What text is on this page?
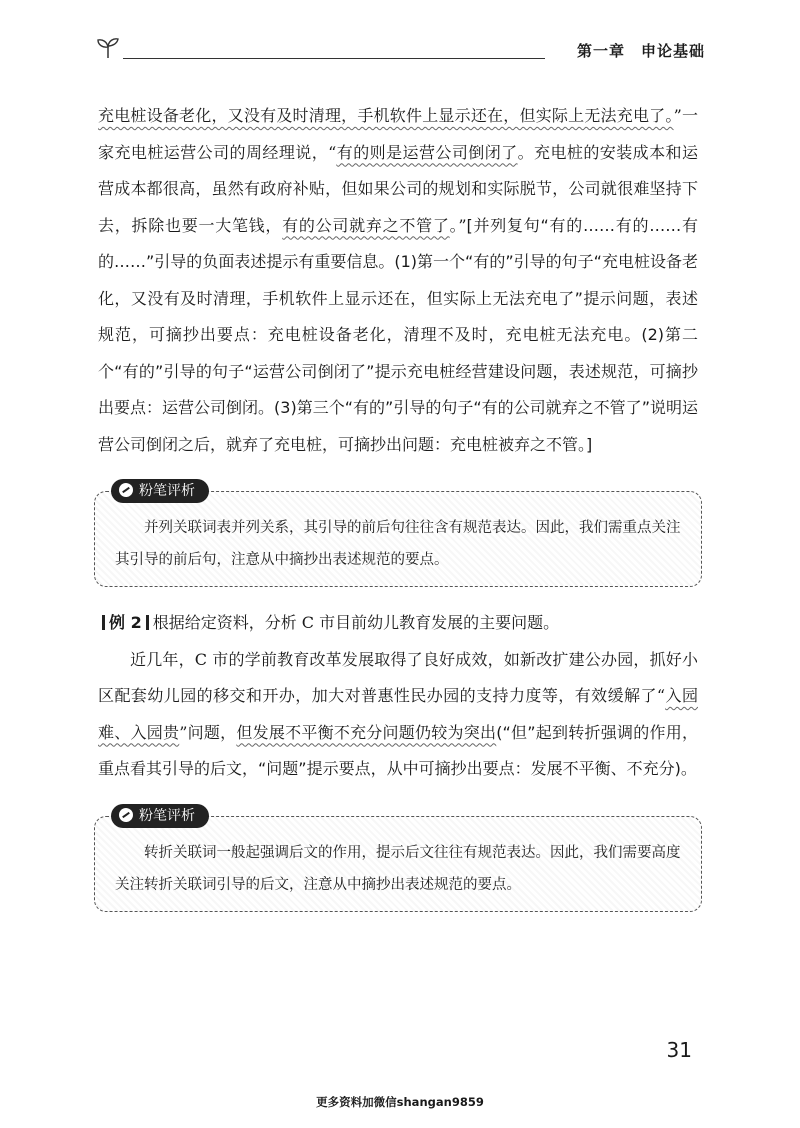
第一章 申论基础

充电桩设备老化，又没有及时清理，手机软件上显示还在，但实际上无法充电了。”一家充电桩运营公司的周经理说，“有的则是运营公司倒闭了。充电桩的安装成本和运营成本都很高，虽然有政府补贴，但如果公司的规划和实际脱节，公司就很难坚持下去，拆除也要一大笔钱，有的公司就弃之不管了。”[并列复句“有的……有的……有的……”引导的负面表述提示有重要信息。(1)第一个“有的”引导的句子“充电桩设备老化，又没有及时清理，手机软件上显示还在，但实际上无法充电了”提示问题，表述规范，可摘抄出要点：充电桩设备老化，清理不及时，充电桩无法充电。(2)第二个“有的”引导的句子“运营公司倒闭了”提示充电桩经营建设问题，表述规范，可摘抄出要点：运营公司倒闭。(3)第三个“有的”引导的句子“有的公司就弃之不管了”说明运营公司倒闭之后，就弃了充电桩，可摘抄出问题：充电桩被弃之不管。]

粉笔评析

并列关联词表并列关系，其引导的前后句往往含有规范表达。因此，我们需重点关注其引导的前后句，注意从中摘抄出表述规范的要点。

例 2 根据给定资料，分析 C 市目前幼儿教育发展的主要问题。

近几年，C 市的学前教育改革发展取得了良好成效，如新改扩建公办园，抓好小区配套幼儿园的移交和开办，加大对普惠性民办园的支持力度等，有效缓解了“入园难、入园贵”问题，但发展不平衡不充分问题仍较为突出(“但”起到转折强调的作用，重点看其引导的后文，“问题”提示要点，从中可摘抄出要点：发展不平衡、不充分)。

粉笔评析

转折关联词一般起强调后文的作用，提示后文往往有规范表达。因此，我们需要高度关注转折关联词引导的后文，注意从中摘抄出表述规范的要点。

31
更多资料加微信shangan9859
